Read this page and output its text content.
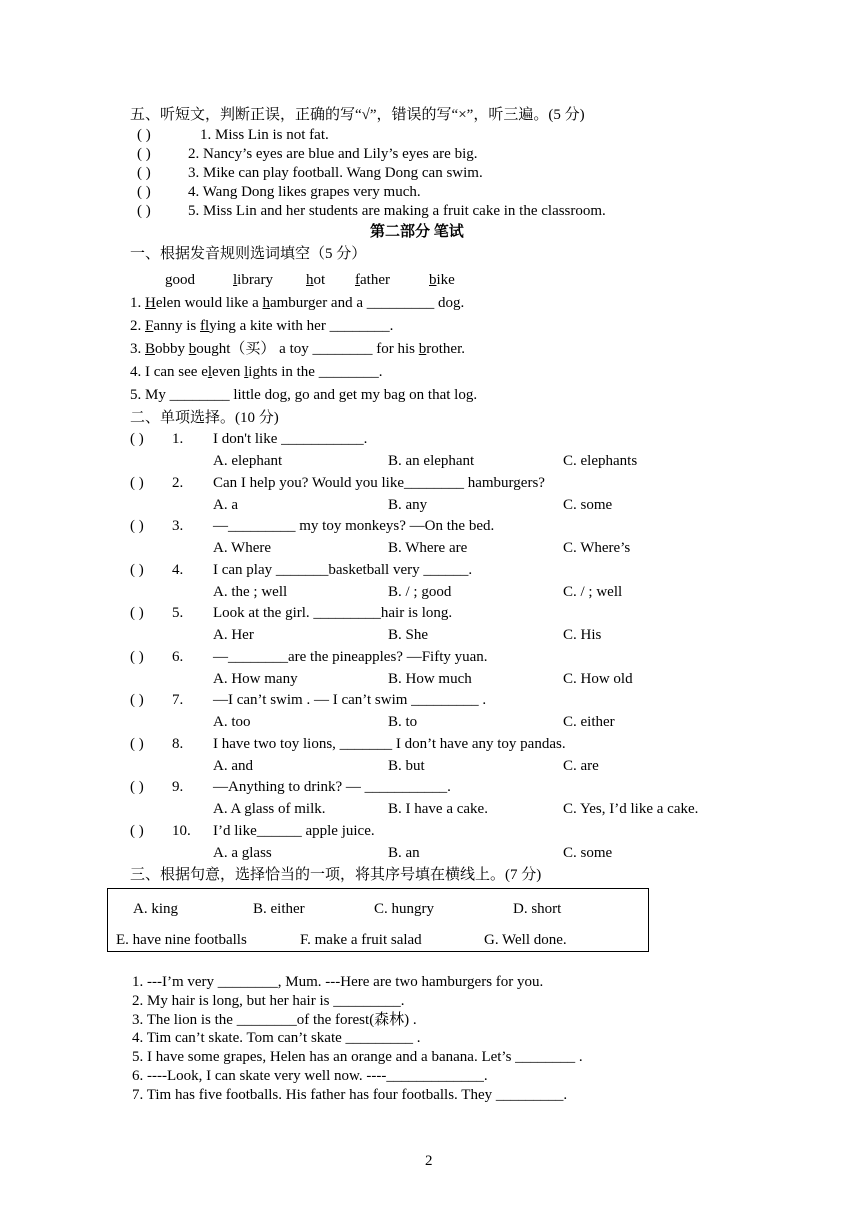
五、听短文，判断正误，正确的写“√”，错误的写“×”，听三遍。(5 分)
( )	1. Miss Lin is not fat.
( ) 2. Nancy’s eyes are blue and Lily’s eyes are big.
( ) 3. Mike can play football. Wang Dong can swim.
( ) 4. Wang Dong likes grapes very much.
( ) 5. Miss Lin and her students are making a fruit cake in the classroom.
第二部分 笔试
一、根据发音规则选词填空（5 分）
good	library hot father	bike
1. Helen would like a hamburger and a _________ dog.
2. Fanny is flying a kite with her ________.
3. Bobby bought（买） a toy ________ for his brother.
4. I can see eleven lights in the ________.
5. My ________ little dog, go and get my bag on that log.
二、单项选择。(10 分)
( ) 1. I don't like ___________.
A. elephant	B. an elephant	C. elephants
( ) 2. Can I help you? Would you like________ hamburgers?
A. a	B. any	C. some
( ) 3. —_________ my toy monkeys? —On the bed.
A. Where	B. Where are	C. Where’s
( ) 4. I can play _______basketball very ______.
A. the ; well	B. / ; good	C. / ; well
( ) 5. Look at the girl. _________hair is long.
A. Her	B. She	C. His
( ) 6. —________are the pineapples? —Fifty yuan.
A. How many	B. How much	C. How old
( ) 7. —I can’t swim . — I can’t swim _________ .
A. too	B. to	C. either
( ) 8. I have two toy lions, _______ I don’t have any toy pandas.
A. and	B. but	C. are
( ) 9. —Anything to drink? — ___________.
A. A glass of milk.	B. I have a cake.	C. Yes, I’d like a cake.
( ) 10. I’d like______ apple juice.
A. a glass	B. an	C. some
三、根据句意，选择恰当的一项，将其序号填在横线上。(7 分)
A. king	B. either	C. hungry	D. short
E. have nine footballs	F. make a fruit salad	G. Well done.
1. ---I’m very ________, Mum. ---Here are two hamburgers for you.
2. My hair is long, but her hair is _________.
3. The lion is the ________of the forest(森林) .
4. Tim can’t skate. Tom can’t skate _________ .
5. I have some grapes, Helen has an orange and a banana. Let’s ________ .
6. ----Look, I can skate very well now. ----_____________.
7. Tim has five footballs. His father has four footballs. They _________.
2
